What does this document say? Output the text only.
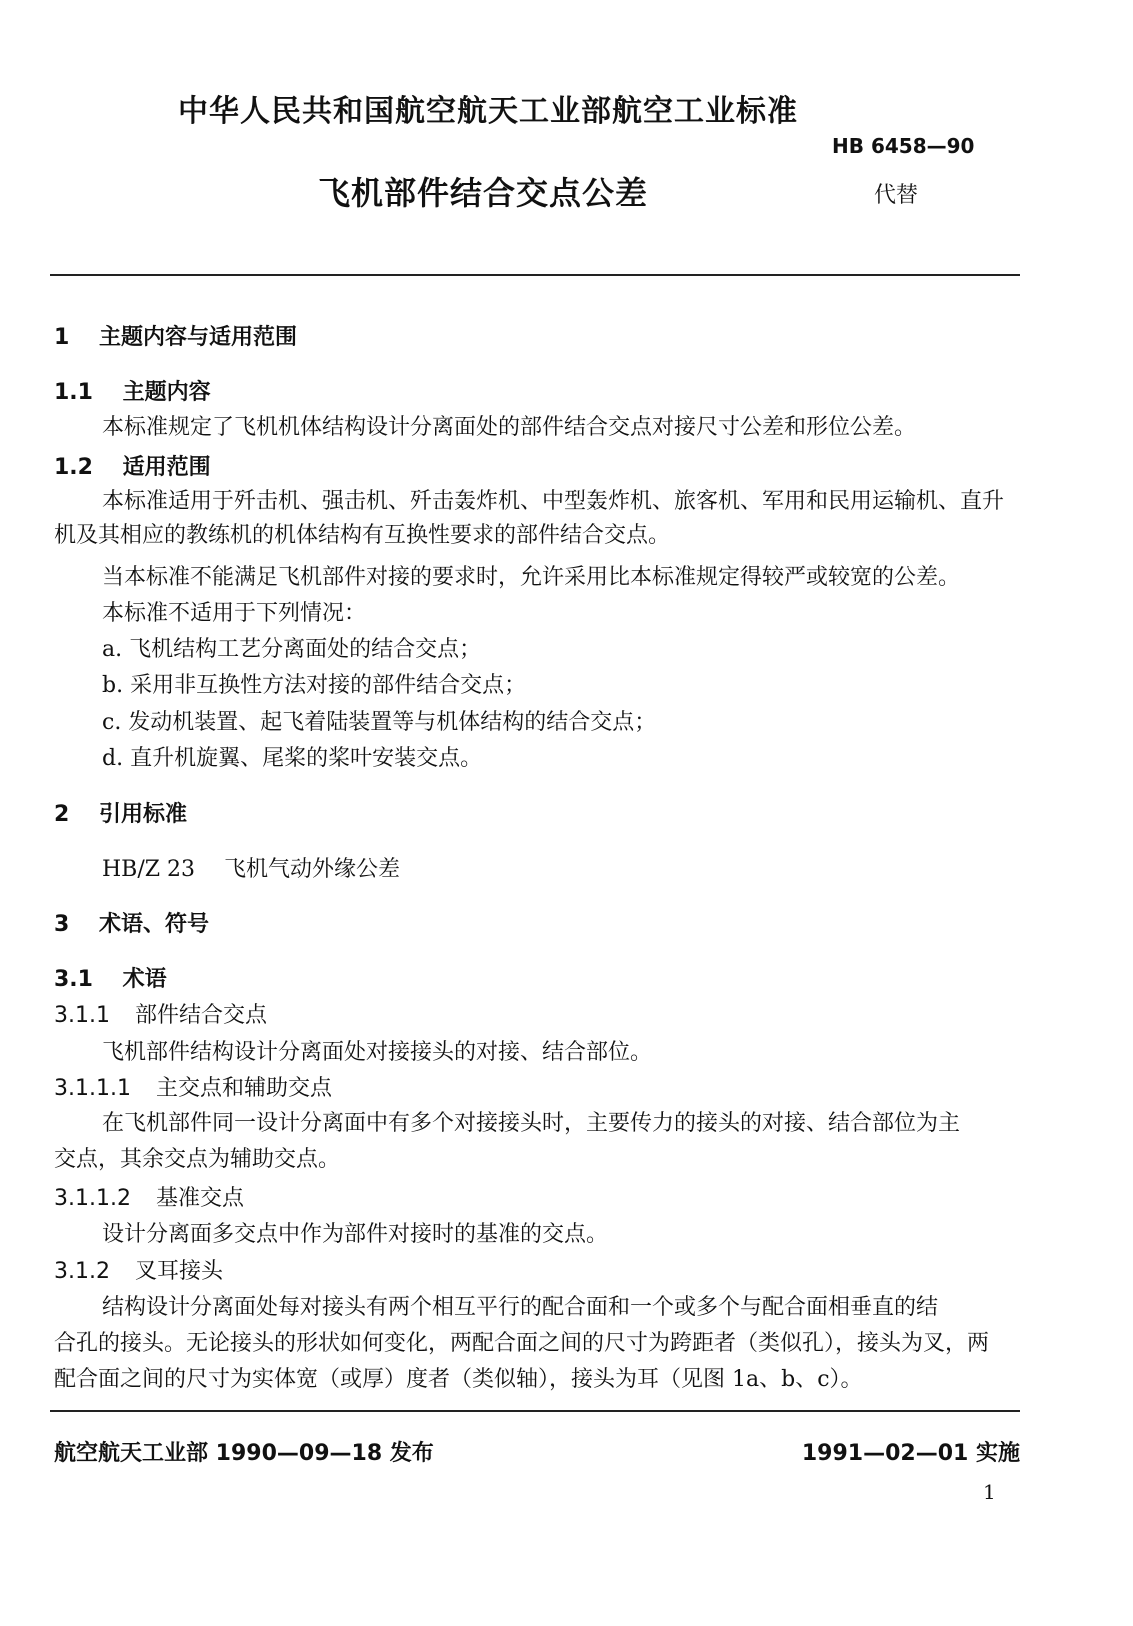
中华人民共和国航空航天工业部航空工业标准
HB 6458—90
飞机部件结合交点公差	代替
1 主题内容与适用范围
1.1 主题内容
本标准规定了飞机机体结构设计分离面处的部件结合交点对接尺寸公差和形位公差。
1.2 适用范围
本标准适用于歼击机、强击机、歼击轰炸机、中型轰炸机、旅客机、军用和民用运输机、直升
机及其相应的教练机的机体结构有互换性要求的部件结合交点。
当本标准不能满足飞机部件对接的要求时，允许采用比本标准规定得较严或较宽的公差。
本标准不适用于下列情况：
a. 飞机结构工艺分离面处的结合交点；
b. 采用非互换性方法对接的部件结合交点；
c. 发动机装置、起飞着陆装置等与机体结构的结合交点；
d. 直升机旋翼、尾桨的桨叶安装交点。
2 引用标准
HB/Z 23 飞机气动外缘公差
3 术语、符号
3.1 术语
3.1.1 部件结合交点
飞机部件结构设计分离面处对接接头的对接、结合部位。
3.1.1.1 主交点和辅助交点
在飞机部件同一设计分离面中有多个对接接头时，主要传力的接头的对接、结合部位为主
交点，其余交点为辅助交点。
3.1.1.2 基准交点
设计分离面多交点中作为部件对接时的基准的交点。
3.1.2 叉耳接头
结构设计分离面处每对接头有两个相互平行的配合面和一个或多个与配合面相垂直的结
合孔的接头。无论接头的形状如何变化，两配合面之间的尺寸为跨距者（类似孔），接头为叉，两
配合面之间的尺寸为实体宽（或厚）度者（类似轴），接头为耳（见图 1a、b、c）。
航空航天工业部 1990—09—18 发布	1991—02—01 实施
1
